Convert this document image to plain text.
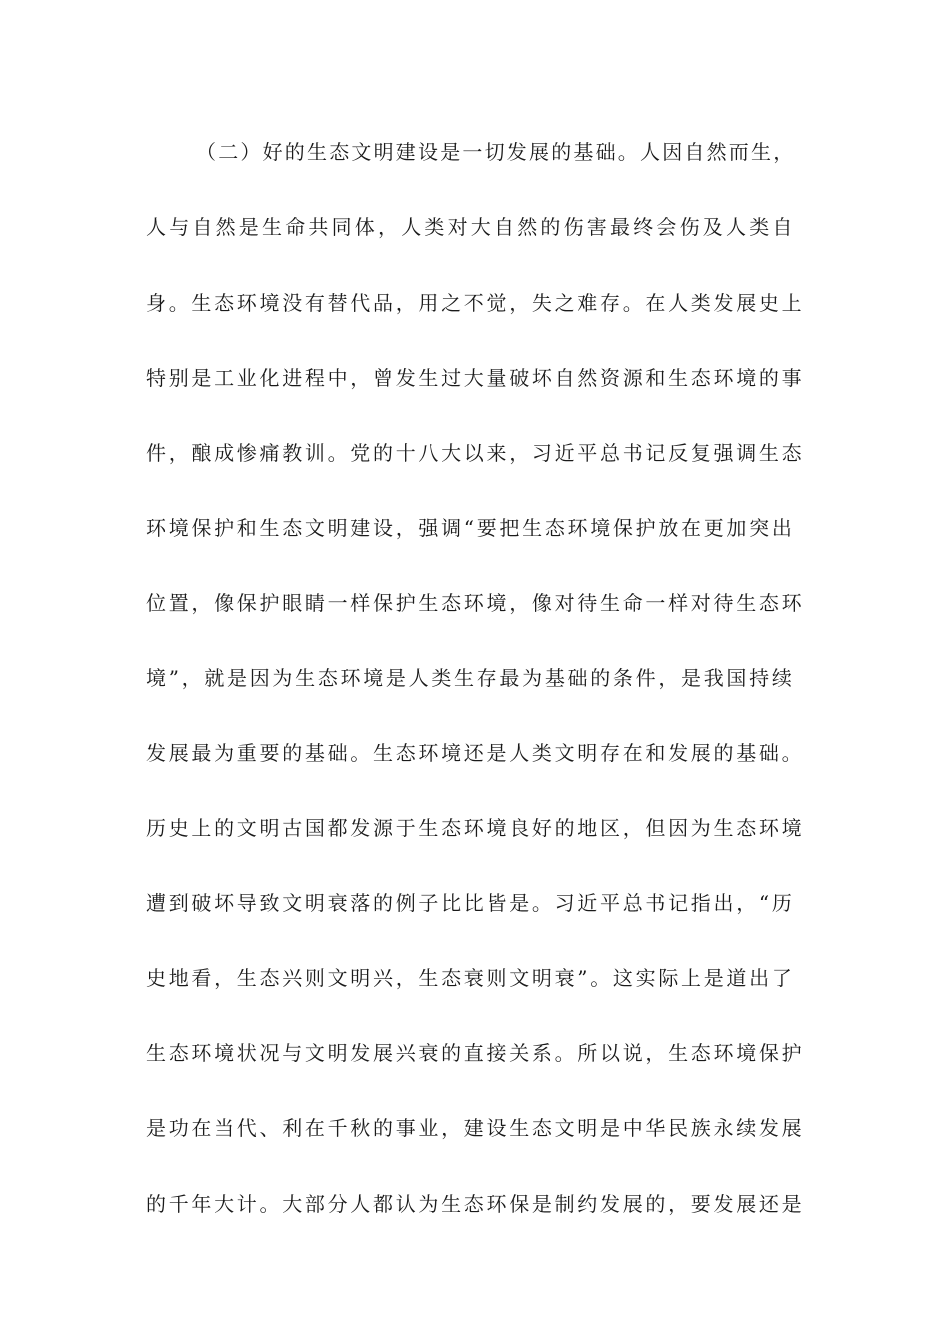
（二）好的生态文明建设是一切发展的基础。人因自然而生，
人与自然是生命共同体，人类对大自然的伤害最终会伤及人类自
身。生态环境没有替代品，用之不觉，失之难存。在人类发展史上
特别是工业化进程中，曾发生过大量破坏自然资源和生态环境的事
件，酿成惨痛教训。党的十八大以来，习近平总书记反复强调生态
环境保护和生态文明建设，强调“要把生态环境保护放在更加突出
位置，像保护眼睛一样保护生态环境，像对待生命一样对待生态环
境”，就是因为生态环境是人类生存最为基础的条件，是我国持续
发展最为重要的基础。生态环境还是人类文明存在和发展的基础。
历史上的文明古国都发源于生态环境良好的地区，但因为生态环境
遭到破坏导致文明衰落的例子比比皆是。习近平总书记指出，“历
史地看，生态兴则文明兴，生态衰则文明衰”。这实际上是道出了
生态环境状况与文明发展兴衰的直接关系。所以说，生态环境保护
是功在当代、利在千秋的事业，建设生态文明是中华民族永续发展
的千年大计。大部分人都认为生态环保是制约发展的，要发展还是
